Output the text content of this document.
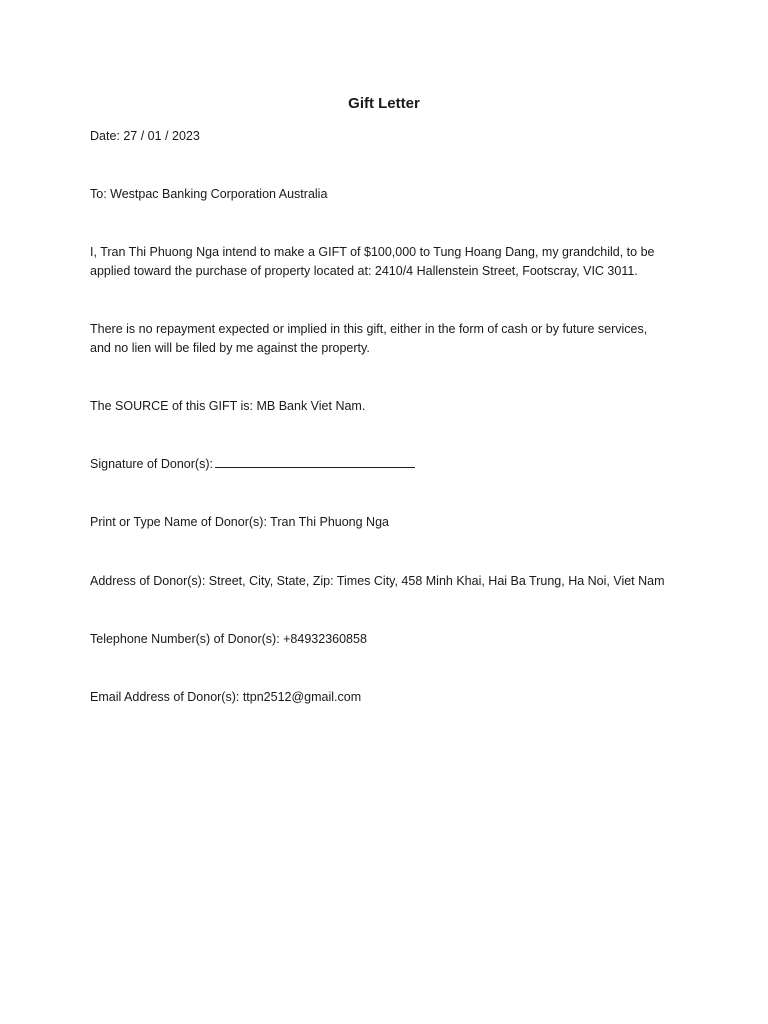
Gift Letter
Date: 27 / 01 / 2023
To: Westpac Banking Corporation Australia
I, Tran Thi Phuong Nga intend to make a GIFT of $100,000 to Tung Hoang Dang, my grandchild, to be
applied toward the purchase of property located at: 2410/4 Hallenstein Street, Footscray, VIC 3011.
There is no repayment expected or implied in this gift, either in the form of cash or by future services,
and no lien will be filed by me against the property.
The SOURCE of this GIFT is: MB Bank Viet Nam.
Signature of Donor(s):
Print or Type Name of Donor(s): Tran Thi Phuong Nga
Address of Donor(s): Street, City, State, Zip: Times City, 458 Minh Khai, Hai Ba Trung, Ha Noi, Viet Nam
Telephone Number(s) of Donor(s): +84932360858
Email Address of Donor(s): ttpn2512@gmail.com
